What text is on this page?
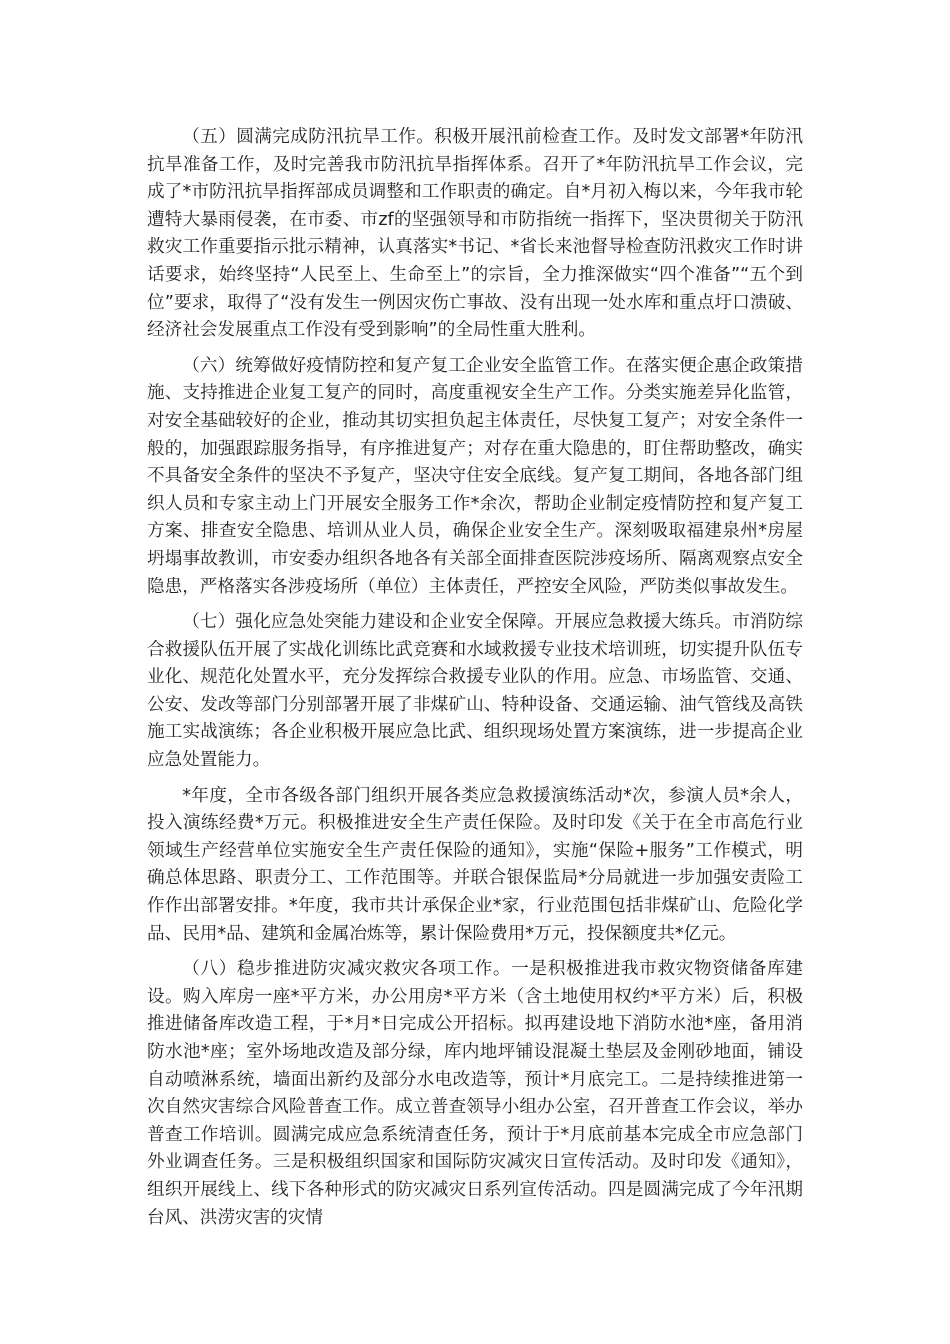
（五）圆满完成防汛抗旱工作。积极开展汛前检查工作。及时发文部署*年防汛抗旱准备工作，及时完善我市防汛抗旱指挥体系。召开了*年防汛抗旱工作会议，完成了*市防汛抗旱指挥部成员调整和工作职责的确定。自*月初入梅以来，今年我市轮遭特大暴雨侵袭，在市委、市zf的坚强领导和市防指统一指挥下，坚决贯彻关于防汛救灾工作重要指示批示精神，认真落实*书记、*省长来池督导检查防汛救灾工作时讲话要求，始终坚持“人民至上、生命至上”的宗旨，全力推深做实“四个准备”“五个到位”要求，取得了“没有发生一例因灾伤亡事故、没有出现一处水库和重点圩口溃破、经济社会发展重点工作没有受到影响”的全局性重大胜利。

（六）统筹做好疫情防控和复产复工企业安全监管工作。在落实便企惠企政策措施、支持推进企业复工复产的同时，高度重视安全生产工作。分类实施差异化监管，对安全基础较好的企业，推动其切实担负起主体责任，尽快复工复产；对安全条件一般的，加强跟踪服务指导，有序推进复产；对存在重大隐患的，盯住帮助整改，确实不具备安全条件的坚决不予复产，坚决守住安全底线。复产复工期间，各地各部门组织人员和专家主动上门开展安全服务工作*余次，帮助企业制定疫情防控和复产复工方案、排查安全隐患、培训从业人员，确保企业安全生产。深刻吸取福建泉州*房屋坍塌事故教训，市安委办组织各地各有关部全面排查医院涉疫场所、隔离观察点安全隐患，严格落实各涉疫场所（单位）主体责任，严控安全风险，严防类似事故发生。

（七）强化应急处突能力建设和企业安全保障。开展应急救援大练兵。市消防综合救援队伍开展了实战化训练比武竞赛和水域救援专业技术培训班，切实提升队伍专业化、规范化处置水平，充分发挥综合救援专业队的作用。应急、市场监管、交通、公安、发改等部门分别部署开展了非煤矿山、特种设备、交通运输、油气管线及高铁施工实战演练；各企业积极开展应急比武、组织现场处置方案演练，进一步提高企业应急处置能力。

*年度，全市各级各部门组织开展各类应急救援演练活动*次，参演人员*余人，投入演练经费*万元。积极推进安全生产责任保险。及时印发《关于在全市高危行业领域生产经营单位实施安全生产责任保险的通知》，实施“保险+服务”工作模式，明确总体思路、职责分工、工作范围等。并联合银保监局*分局就进一步加强安责险工作作出部署安排。*年度，我市共计承保企业*家，行业范围包括非煤矿山、危险化学品、民用*品、建筑和金属冶炼等，累计保险费用*万元，投保额度共*亿元。

（八）稳步推进防灾减灾救灾各项工作。一是积极推进我市救灾物资储备库建设。购入库房一座*平方米，办公用房*平方米（含土地使用权约*平方米）后，积极推进储备库改造工程，于*月*日完成公开招标。拟再建设地下消防水池*座，备用消防水池*座；室外场地改造及部分绿，库内地坪铺设混凝土垫层及金刚砂地面，铺设自动喷淋系统，墙面出新约及部分水电改造等，预计*月底完工。二是持续推进第一次自然灾害综合风险普查工作。成立普查领导小组办公室，召开普查工作会议，举办普查工作培训。圆满完成应急系统清查任务，预计于*月底前基本完成全市应急部门外业调查任务。三是积极组织国家和国际防灾减灾日宣传活动。及时印发《通知》，组织开展线上、线下各种形式的防灾减灾日系列宣传活动。四是圆满完成了今年汛期台风、洪涝灾害的灾情
